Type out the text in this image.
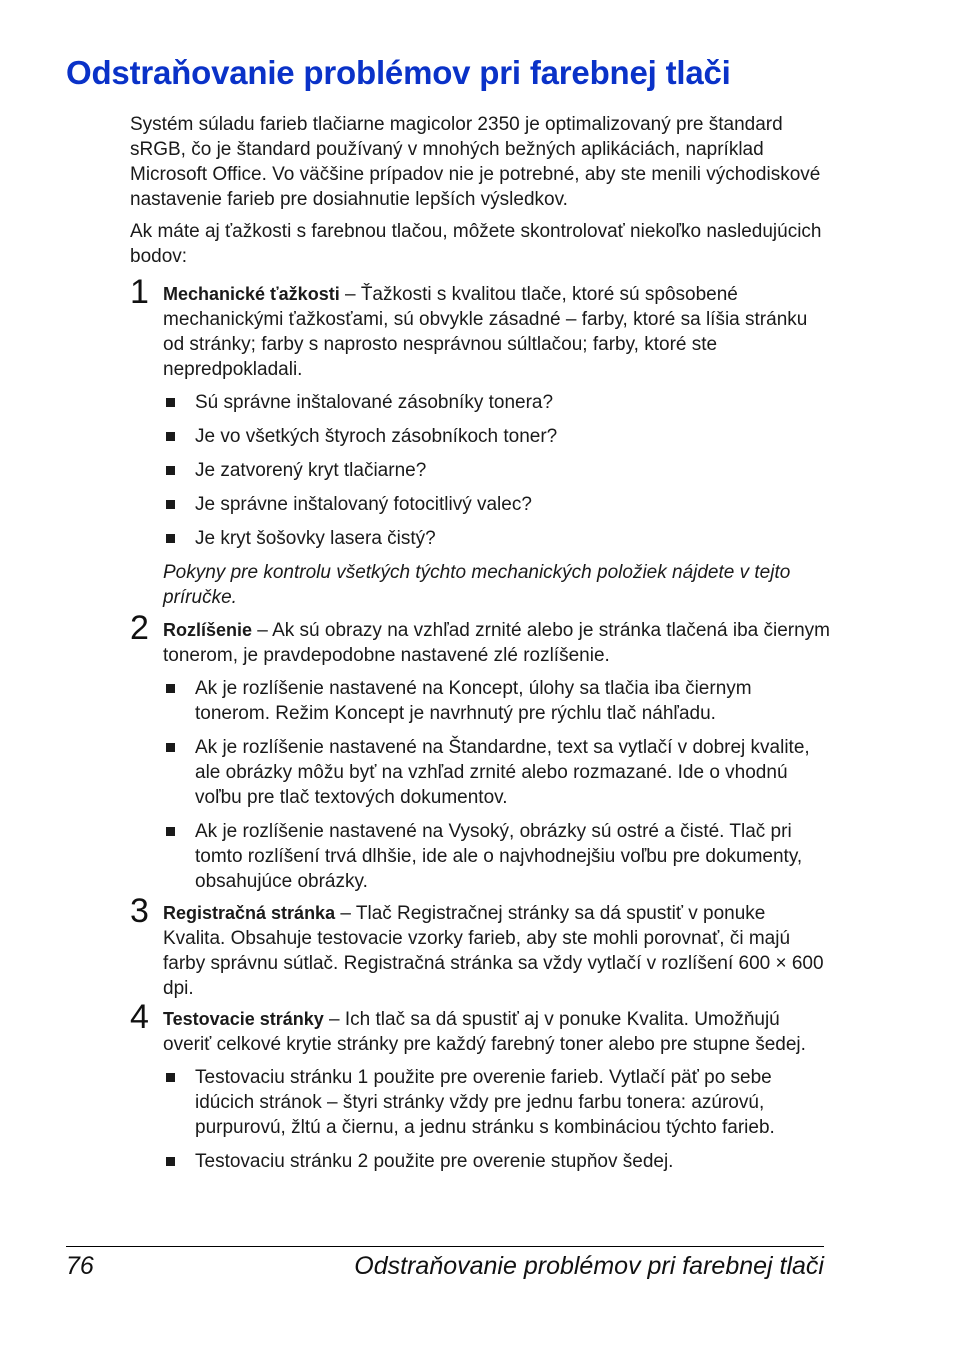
Odstraňovanie problémov pri farebnej tlači

Systém súladu farieb tlačiarne magicolor 2350 je optimalizovaný pre štandard sRGB, čo je štandard používaný v mnohých bežných aplikáciách, napríklad Microsoft Office. Vo väčšine prípadov nie je potrebné, aby ste menili východiskové nastavenie farieb pre dosiahnutie lepších výsledkov.

Ak máte aj ťažkosti s farebnou tlačou, môžete skontrolovať niekoľko nasledujúcich bodov:

1 Mechanické ťažkosti – Ťažkosti s kvalitou tlače, ktoré sú spôsobené mechanickými ťažkosťami, sú obvykle zásadné – farby, ktoré sa líšia stránku od stránky; farby s naprosto nesprávnou súltlačou; farby, ktoré ste nepredpokladali.

Sú správne inštalované zásobníky tonera?
Je vo všetkých štyroch zásobníkoch toner?
Je zatvorený kryt tlačiarne?
Je správne inštalovaný fotocitlivý valec?
Je kryt šošovky lasera čistý?

Pokyny pre kontrolu všetkých týchto mechanických položiek nájdete v tejto príručke.

2 Rozlíšenie – Ak sú obrazy na vzhľad zrnité alebo je stránka tlačená iba čiernym tonerom, je pravdepodobne nastavené zlé rozlíšenie.

Ak je rozlíšenie nastavené na Koncept, úlohy sa tlačia iba čiernym tonerom. Režim Koncept je navrhnutý pre rýchlu tlač náhľadu.
Ak je rozlíšenie nastavené na Štandardne, text sa vytlačí v dobrej kvalite, ale obrázky môžu byť na vzhľad zrnité alebo rozmazané. Ide o vhodnú voľbu pre tlač textových dokumentov.
Ak je rozlíšenie nastavené na Vysoký, obrázky sú ostré a čisté. Tlač pri tomto rozlíšení trvá dlhšie, ide ale o najvhodnejšiu voľbu pre dokumenty, obsahujúce obrázky.
3 Registračná stránka – Tlač Registračnej stránky sa dá spustiť v ponuke Kvalita. Obsahuje testovacie vzorky farieb, aby ste mohli porovnať, či majú farby správnu sútlač. Registračná stránka sa vždy vytlačí v rozlíšení 600 × 600 dpi.

4 Testovacie stránky – Ich tlač sa dá spustiť aj v ponuke Kvalita. Umožňujú overiť celkové krytie stránky pre každý farebný toner alebo pre stupne šedej.

Testovaciu stránku 1 použite pre overenie farieb. Vytlačí päť po sebe idúcich stránok – štyri stránky vždy pre jednu farbu tonera: azúrovú, purpurovú, žltú a čiernu, a jednu stránku s kombináciou týchto farieb.
Testovaciu stránku 2 použite pre overenie stupňov šedej.
76	Odstraňovanie problémov pri farebnej tlači
